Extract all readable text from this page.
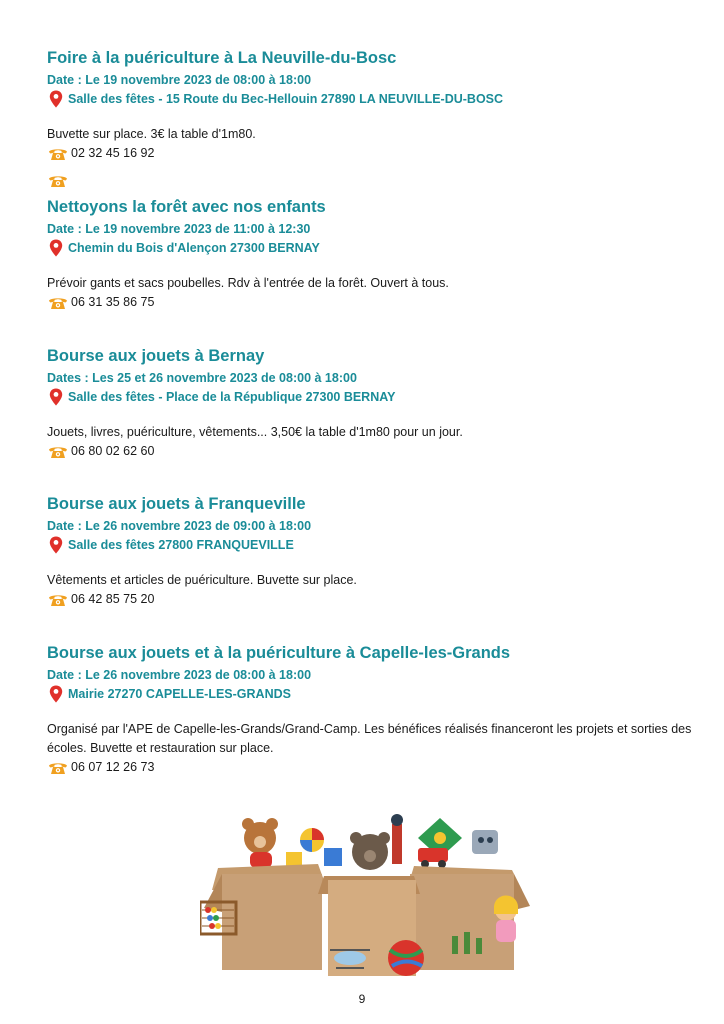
Foire à la puériculture à La Neuville-du-Bosc
Date : Le 19 novembre 2023 de 08:00 à 18:00
Salle des fêtes - 15 Route du Bec-Hellouin 27890 LA NEUVILLE-DU-BOSC
Buvette sur place. 3€ la table d'1m80.
02 32 45 16 92
Nettoyons la forêt avec nos enfants
Date : Le 19 novembre 2023 de 11:00 à 12:30
Chemin du Bois d'Alençon 27300 BERNAY
Prévoir gants et sacs poubelles. Rdv à l'entrée de la forêt. Ouvert à tous.
06 31 35 86 75
Bourse aux jouets à Bernay
Dates : Les 25 et 26 novembre 2023 de 08:00 à 18:00
Salle des fêtes - Place de la République 27300 BERNAY
Jouets, livres, puériculture, vêtements... 3,50€ la table d'1m80 pour un jour.
06 80 02 62 60
Bourse aux jouets à Franqueville
Date : Le 26 novembre 2023 de 09:00 à 18:00
Salle des fêtes 27800 FRANQUEVILLE
Vêtements et articles de puériculture. Buvette sur place.
06 42 85 75 20
Bourse aux jouets et à la puériculture à Capelle-les-Grands
Date : Le 26 novembre 2023 de 08:00 à 18:00
Mairie 27270 CAPELLE-LES-GRANDS
Organisé par l'APE de Capelle-les-Grands/Grand-Camp. Les bénéfices réalisés financeront les projets et sorties des écoles. Buvette et restauration sur place.
06 07 12 26 73
9
